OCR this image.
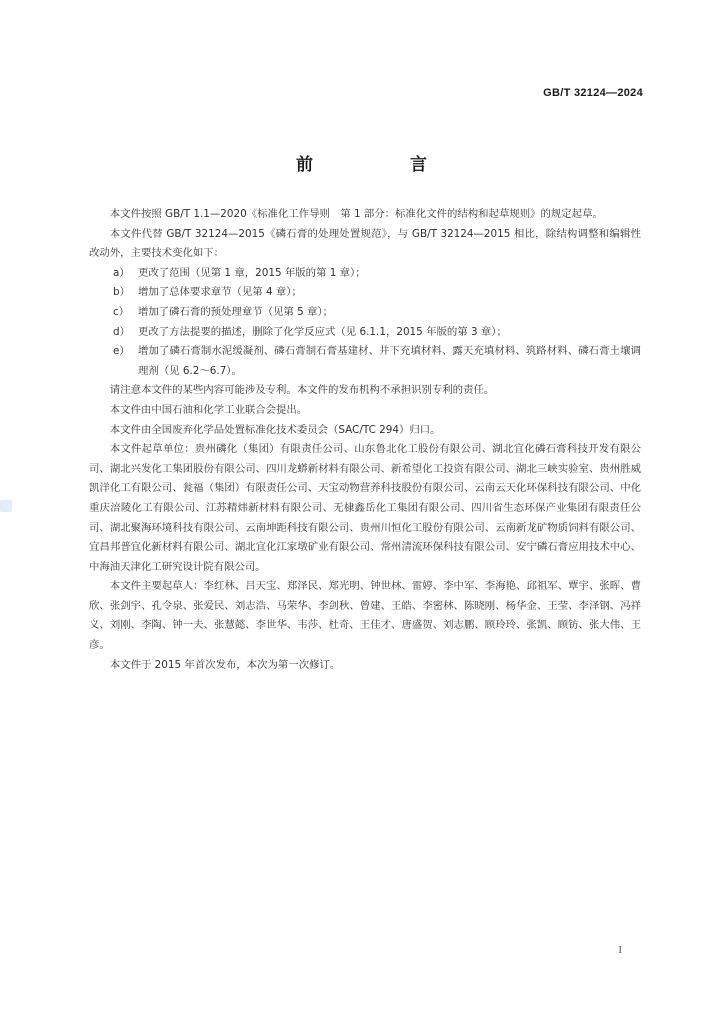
GB/T 32124—2024
前　言

本文件按照 GB/T 1.1—2020《标准化工作导则　第 1 部分：标准化文件的结构和起草规则》的规定起草。

本文件代替 GB/T 32124—2015《磷石膏的处理处置规范》，与 GB/T 32124—2015 相比，除结构调整和编辑性改动外，主要技术变化如下：

a） 更改了范围（见第 1 章，2015 年版的第 1 章）；
b） 增加了总体要求章节（见第 4 章）；
c） 增加了磷石膏的预处理章节（见第 5 章）；
d） 更改了方法提要的描述，删除了化学反应式（见 6.1.1，2015 年版的第 3 章）；
e） 增加了磷石膏制水泥缓凝剂、磷石膏制石膏基建材、井下充填材料、露天充填材料、筑路材料、磷石膏土壤调理剂（见 6.2～6.7）。

请注意本文件的某些内容可能涉及专利。本文件的发布机构不承担识别专利的责任。

本文件由中国石油和化学工业联合会提出。

本文件由全国废弃化学品处置标准化技术委员会（SAC/TC 294）归口。

本文件起草单位：贵州磷化（集团）有限责任公司、山东鲁北化工股份有限公司、湖北宜化磷石膏科技开发有限公司、湖北兴发化工集团股份有限公司、四川龙蟒新材料有限公司、新希望化工投资有限公司、湖北三峡实验室、贵州胜威凯洋化工有限公司、瓮福（集团）有限责任公司、天宝动物营养科技股份有限公司、云南云天化环保科技有限公司、中化重庆涪陵化工有限公司、江苏精炜新材料有限公司、无棣鑫岳化工集团有限公司、四川省生态环保产业集团有限责任公司、湖北聚海环境科技有限公司、云南坤距科技有限公司、贵州川恒化工股份有限公司、云南新龙矿物质饲料有限公司、宜昌邦普宜化新材料有限公司、湖北宜化江家墩矿业有限公司、常州清流环保科技有限公司、安宁磷石膏应用技术中心、中海油天津化工研究设计院有限公司。

本文件主要起草人：李红林、吕天宝、郑泽民、郑光明、钟世林、雷婷、李中军、李海艳、邱祖军、覃宇、张晖、曹欣、张剑宇、孔令泉、张爱民、刘志浩、马荣华、李剑秋、曾建、王皓、李密林、陈晓刚、杨华金、王莹、李泽钢、冯祥义、刘刚、李陶、钟一夫、张慧懿、李世华、韦莎、杜奇、王佳才、唐盛贺、刘志鹏、顾玲玲、张凯、顾钫、张大伟、王彦。

本文件于 2015 年首次发布，本次为第一次修订。

I
